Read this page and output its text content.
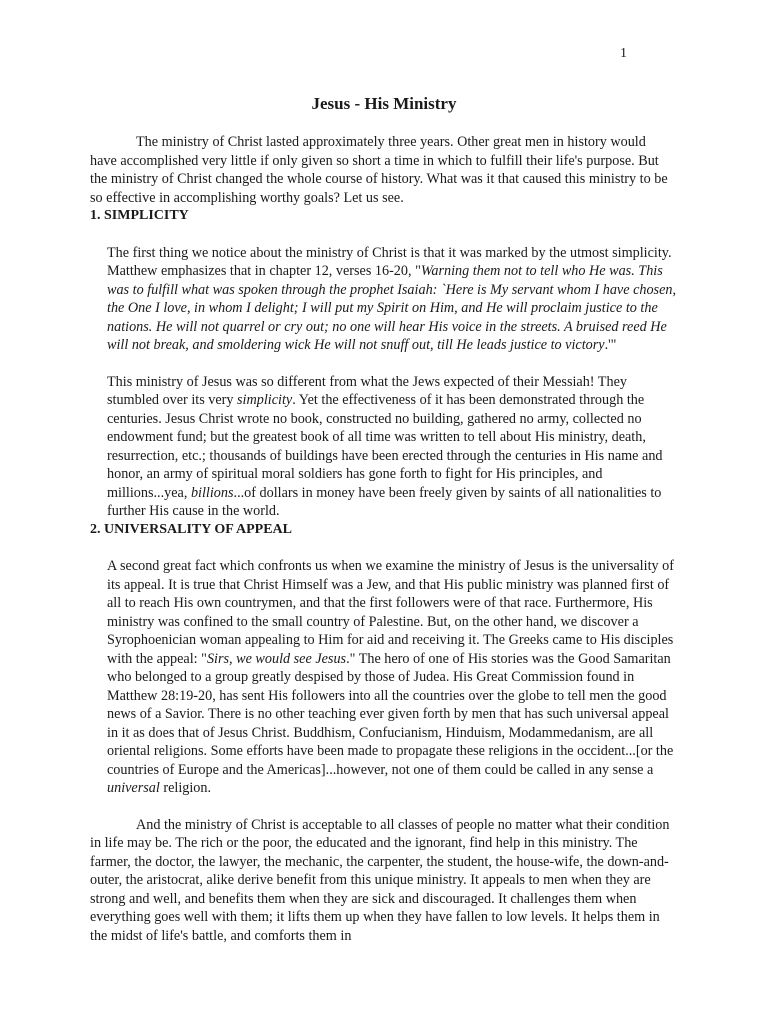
1
Jesus - His Ministry

The ministry of Christ lasted approximately three years. Other great men in history would have accomplished very little if only given so short a time in which to fulfill their life's purpose. But the ministry of Christ changed the whole course of history. What was it that caused this ministry to be so effective in accomplishing worthy goals? Let us see.

1. SIMPLICITY

The first thing we notice about the ministry of Christ is that it was marked by the utmost simplicity. Matthew emphasizes that in chapter 12, verses 16-20, "Warning them not to tell who He was. This was to fulfill what was spoken through the prophet Isaiah: `Here is My servant whom I have chosen, the One I love, in whom I delight; I will put my Spirit on Him, and He will proclaim justice to the nations. He will not quarrel or cry out; no one will hear His voice in the streets. A bruised reed He will not break, and smoldering wick He will not snuff out, till He leads justice to victory.'"

This ministry of Jesus was so different from what the Jews expected of their Messiah! They stumbled over its very simplicity. Yet the effectiveness of it has been demonstrated through the centuries. Jesus Christ wrote no book, constructed no building, gathered no army, collected no endowment fund; but the greatest book of all time was written to tell about His ministry, death, resurrection, etc.; thousands of buildings have been erected through the centuries in His name and honor, an army of spiritual moral soldiers has gone forth to fight for His principles, and millions...yea, billions...of dollars in money have been freely given by saints of all nationalities to further His cause in the world.

2. UNIVERSALITY OF APPEAL

A second great fact which confronts us when we examine the ministry of Jesus is the universality of its appeal. It is true that Christ Himself was a Jew, and that His public ministry was planned first of all to reach His own countrymen, and that the first followers were of that race. Furthermore, His ministry was confined to the small country of Palestine. But, on the other hand, we discover a Syrophoenician woman appealing to Him for aid and receiving it. The Greeks came to His disciples with the appeal: "Sirs, we would see Jesus." The hero of one of His stories was the Good Samaritan who belonged to a group greatly despised by those of Judea. His Great Commission found in Matthew 28:19-20, has sent His followers into all the countries over the globe to tell men the good news of a Savior. There is no other teaching ever given forth by men that has such universal appeal in it as does that of Jesus Christ. Buddhism, Confucianism, Hinduism, Modammedanism, are all oriental religions. Some efforts have been made to propagate these religions in the occident...[or the countries of Europe and the Americas]...however, not one of them could be called in any sense a universal religion.

And the ministry of Christ is acceptable to all classes of people no matter what their condition in life may be. The rich or the poor, the educated and the ignorant, find help in this ministry. The farmer, the doctor, the lawyer, the mechanic, the carpenter, the student, the house-wife, the down-and-outer, the aristocrat, alike derive benefit from this unique ministry. It appeals to men when they are strong and well, and benefits them when they are sick and discouraged. It challenges them when everything goes well with them; it lifts them up when they have fallen to low levels. It helps them in the midst of life's battle, and comforts them in
